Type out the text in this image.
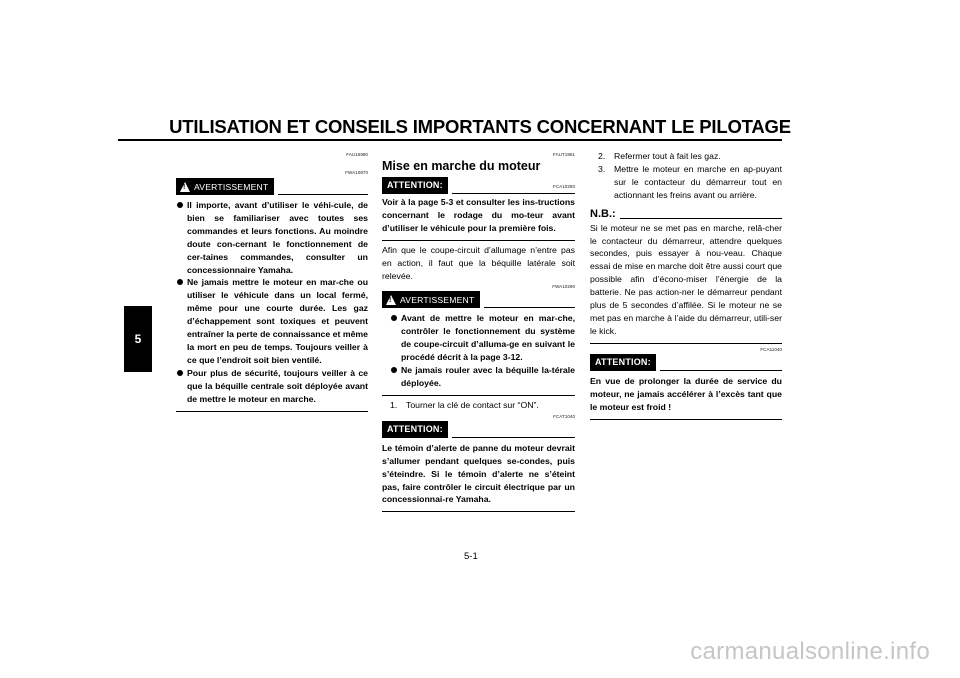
UTILISATION ET CONSEILS IMPORTANTS CONCERNANT LE PILOTAGE
5
FAU15980
FWA10870
!
AVERTISSEMENT
Il importe, avant d’utiliser le véhi-cule, de bien se familiariser avec toutes ses commandes et leurs fonctions. Au moindre doute con-cernant le fonctionnement de cer-taines commandes, consulter un concessionnaire Yamaha.
Ne jamais mettre le moteur en mar-che ou utiliser le véhicule dans un local fermé, même pour une courte durée. Les gaz d’échappement sont toxiques et peuvent entraîner la perte de connaissance et même la mort en peu de temps. Toujours veiller à ce que l’endroit soit bien ventilé.
Pour plus de sécurité, toujours veiller à ce que la béquille centrale soit déployée avant de mettre le moteur en marche.
FAUT1861
Mise en marche du moteur
ATTENTION:	FCA10250

Voir à la page 5-3 et consulter les ins-tructions concernant le rodage du mo-teur avant d’utiliser le véhicule pour la première fois.

Afin que le coupe-circuit d’allumage n’entre pas en action, il faut que la béquille latérale soit relevée.

FWA10290
!
AVERTISSEMENT
Avant de mettre le moteur en mar-che, contrôler le fonctionnement du système de coupe-circuit d’alluma-ge en suivant le procédé décrit à la page 3-12.
Ne jamais rouler avec la béquille la-térale déployée.
1. Tourner la clé de contact sur “ON”.
FCAT1040
ATTENTION:

Le témoin d’alerte de panne du moteur devrait s’allumer pendant quelques se-condes, puis s’éteindre. Si le témoin d’alerte ne s’éteint pas, faire contrôler le circuit électrique par un concessionnai-re Yamaha.

2. Refermer tout à fait les gaz.
3. Mettre le moteur en marche en ap-puyant sur le contacteur du démarreur tout en actionnant les freins avant ou arrière.
N.B.:

Si le moteur ne se met pas en marche, relâ-cher le contacteur du démarreur, attendre quelques secondes, puis essayer à nou-veau. Chaque essai de mise en marche doit être aussi court que possible afin d’écono-miser l’énergie de la batterie. Ne pas action-ner le démarreur pendant plus de 5 secondes d’affilée. Si le moteur ne se met pas en marche à l’aide du démarreur, utili-ser le kick.

FCA11040
ATTENTION:

En vue de prolonger la durée de service du moteur, ne jamais accélérer à l’excès tant que le moteur est froid !

5-1
carmanualsonline.info
